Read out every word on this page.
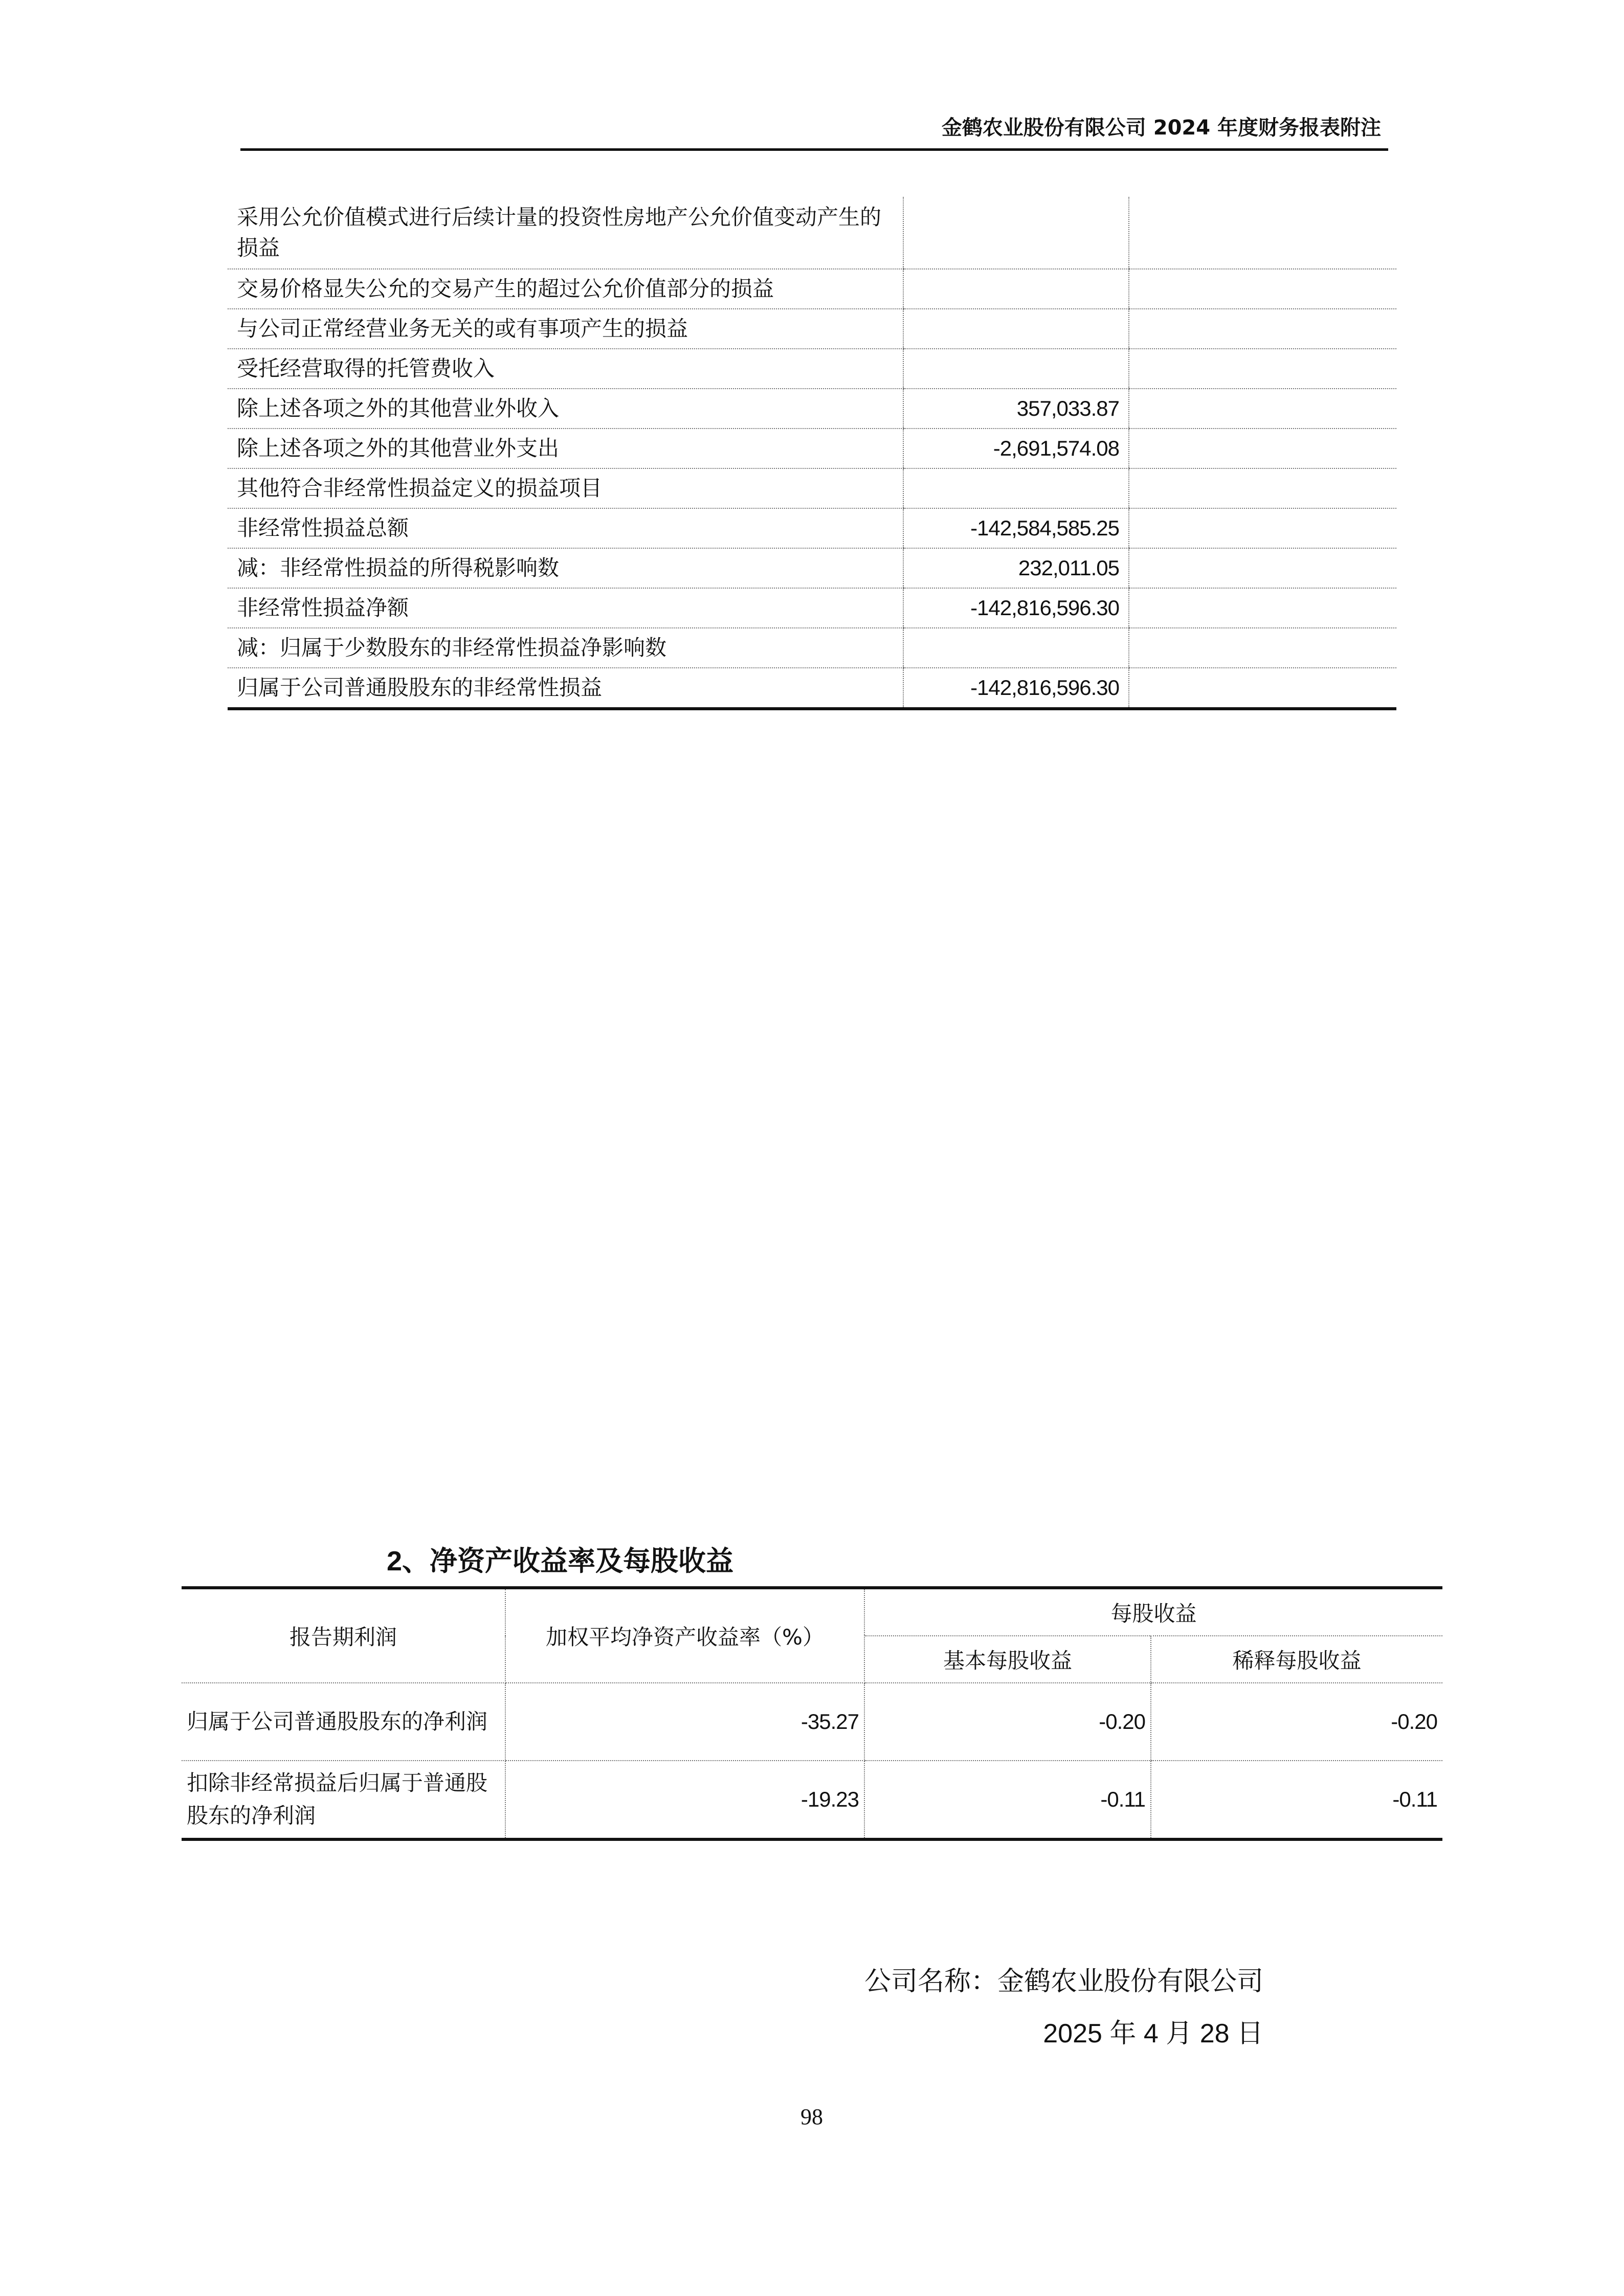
金鹤农业股份有限公司 2024 年度财务报表附注
采用公允价值模式进行后续计量的投资性房地产公允价值变动产生的损益		
交易价格显失公允的交易产生的超过公允价值部分的损益		
与公司正常经营业务无关的或有事项产生的损益		
受托经营取得的托管费收入		
除上述各项之外的其他营业外收入	357,033.87	
除上述各项之外的其他营业外支出	-2,691,574.08	
其他符合非经常性损益定义的损益项目		
非经常性损益总额	-142,584,585.25	
减：非经常性损益的所得税影响数	232,011.05	
非经常性损益净额	-142,816,596.30	
减：归属于少数股东的非经常性损益净影响数		
归属于公司普通股股东的非经常性损益	-142,816,596.30	
2、净资产收益率及每股收益
报告期利润	加权平均净资产收益率（%）	每股收益	
		基本每股收益	稀释每股收益
归属于公司普通股股东的净利润	-35.27	-0.20	-0.20
扣除非经常损益后归属于普通股股东的净利润	-19.23	-0.11	-0.11
公司名称：金鹤农业股份有限公司
2025 年 4 月 28 日
98
